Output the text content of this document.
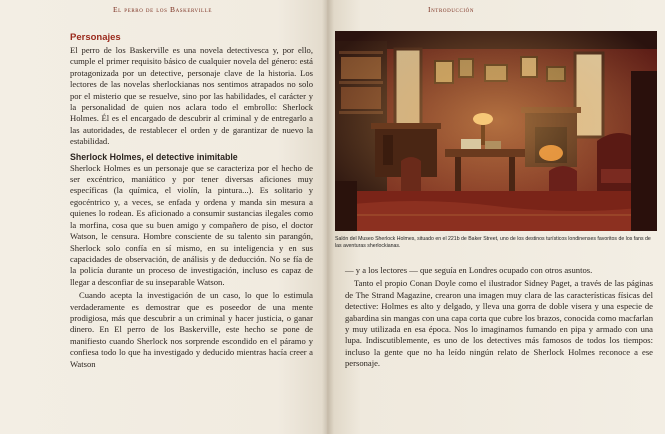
El perro de los Baskerville
Personajes

El perro de los Baskerville es una novela detectivesca y, por ello, cumple el primer requisito básico de cualquier novela del género: está protagonizada por un detective, personaje clave de la historia. Los lectores de las novelas sherlockianas nos sentimos atrapados no solo por el misterio que se resuelve, sino por las habilidades, el carácter y la personalidad de quien nos aclara todo el embrollo: Sherlock Holmes. Él es el encargado de descubrir al criminal y de entregarlo a las autoridades, de restablecer el orden y de garantizar de nuevo la estabilidad.

Sherlock Holmes, el detective inimitable

Sherlock Holmes es un personaje que se caracteriza por el hecho de ser excéntrico, maniático y por tener diversas aficiones muy específicas (la química, el violín, la pintura...). Es solitario y egocéntrico y, a veces, se enfada y ordena y manda sin mesura a quienes lo rodean. Es aficionado a consumir sustancias ilegales como la morfina, cosa que su buen amigo y compañero de piso, el doctor Watson, le censura. Hombre consciente de su talento sin parangón, Sherlock solo confía en sí mismo, en su inteligencia y en sus capacidades de observación, de análisis y de deducción. No se fía de la policía durante un proceso de investigación, incluso es capaz de llegar a desconfiar de su inseparable Watson.

Cuando acepta la investigación de un caso, lo que lo estimula verdaderamente es demostrar que es poseedor de una mente prodigiosa, más que descubrir a un criminal y hacer justicia, o ganar dinero. En El perro de los Baskerville, este hecho se pone de manifiesto cuando Sherlock nos sorprende escondido en el páramo y confiesa todo lo que ha investigado y deducido mientras hacía creer a Watson

Introducción
Salón del Museo Sherlock Holmes, situado en el 221b de Baker Street, uno de los destinos turísticos londinenses favoritos de los fans de las aventuras sherlockianas.

— y a los lectores — que seguía en Londres ocupado con otros asuntos.

Tanto el propio Conan Doyle como el ilustrador Sidney Paget, a través de las páginas de The Strand Magazine, crearon una imagen muy clara de las características físicas del detective: Holmes es alto y delgado, y lleva una gorra de doble visera y una especie de gabardina sin mangas con una capa corta que cubre los brazos, conocida como macfarlan y muy utilizada en esa época. Nos lo imaginamos fumando en pipa y armado con una lupa. Indiscutiblemente, es uno de los detectives más famosos de todos los tiempos: incluso la gente que no ha leído ningún relato de Sherlock Holmes reconoce a ese personaje.
